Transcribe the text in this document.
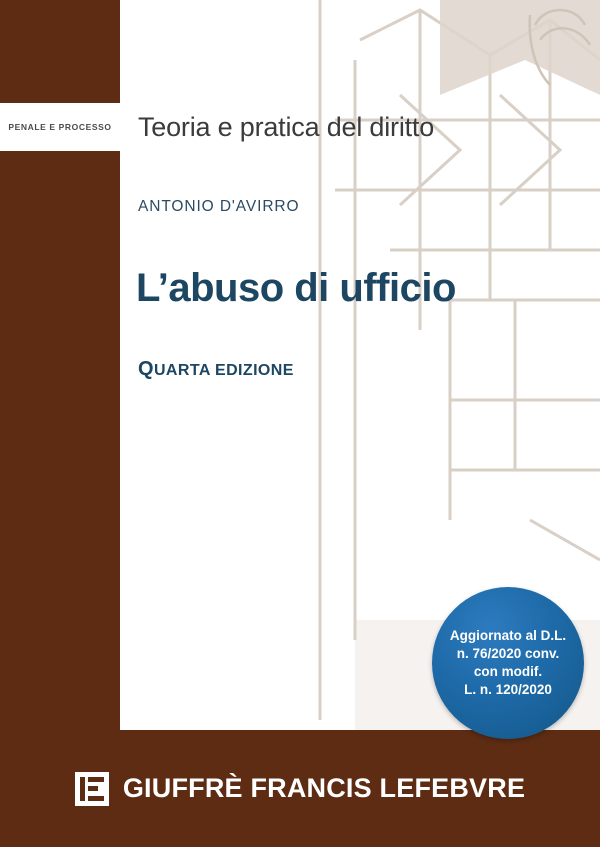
PENALE E PROCESSO Teoria e pratica del diritto
ANTONIO D'AVIRRO
L’abuso di ufficio
QUARTA EDIZIONE
Aggiornato al D.L.
n. 76/2020 conv.
con modif.
L. n. 120/2020
GIUFFRÈ FRANCIS LEFEBVRE
